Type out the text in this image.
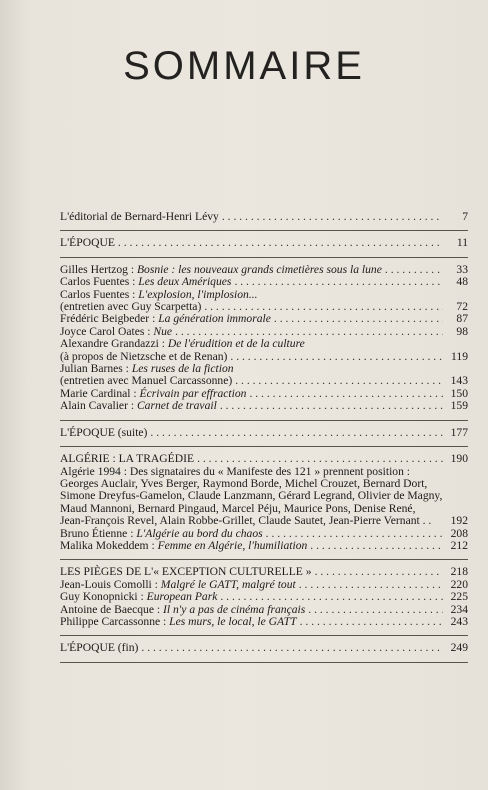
SOMMAIRE
L'éditorial de Bernard-Henri Lévy . . .	7
L'ÉPOQUE . . .	11
Gilles Hertzog : Bosnie : les nouveaux grands cimetières sous la lune . . .	33
Carlos Fuentes : Les deux Amériques . . .	48
Carlos Fuentes : L'explosion, l'implosion...
(entretien avec Guy Scarpetta) . . .	72
Frédéric Beigbeder : La génération immorale . . .	87
Joyce Carol Oates : Nue . . .	98
Alexandre Grandazzi : De l'érudition et de la culture
(à propos de Nietzsche et de Renan) . . .	119
Julian Barnes : Les ruses de la fiction
(entretien avec Manuel Carcassonne) . . .	143
Marie Cardinal : Écrivain par effraction . . .	150
Alain Cavalier : Carnet de travail . . .	159
L'ÉPOQUE (suite) . . .	177
ALGÉRIE : LA TRAGÉDIE . . .	190
Algérie 1994 : Des signataires du « Manifeste des 121 » prennent position :
Georges Auclair, Yves Berger, Raymond Borde, Michel Crouzet, Bernard Dort,
Simone Dreyfus-Gamelon, Claude Lanzmann, Gérard Legrand, Olivier de Magny,
Maud Mannoni, Bernard Pingaud, Marcel Péju, Maurice Pons, Denise René,
Jean-François Revel, Alain Robbe-Grillet, Claude Sautet, Jean-Pierre Vernant . .	192
Bruno Étienne : L'Algérie au bord du chaos . . .	208
Malika Mokeddem : Femme en Algérie, l'humiliation . . .	212
LES PIÈGES DE L'« EXCEPTION CULTURELLE » . . .	218
Jean-Louis Comolli : Malgré le GATT, malgré tout . . .	220
Guy Konopnicki : European Park . . .	225
Antoine de Baecque : Il n'y a pas de cinéma français . . .	234
Philippe Carcassonne : Les murs, le local, le GATT . . .	243
L'ÉPOQUE (fin) . . .	249
